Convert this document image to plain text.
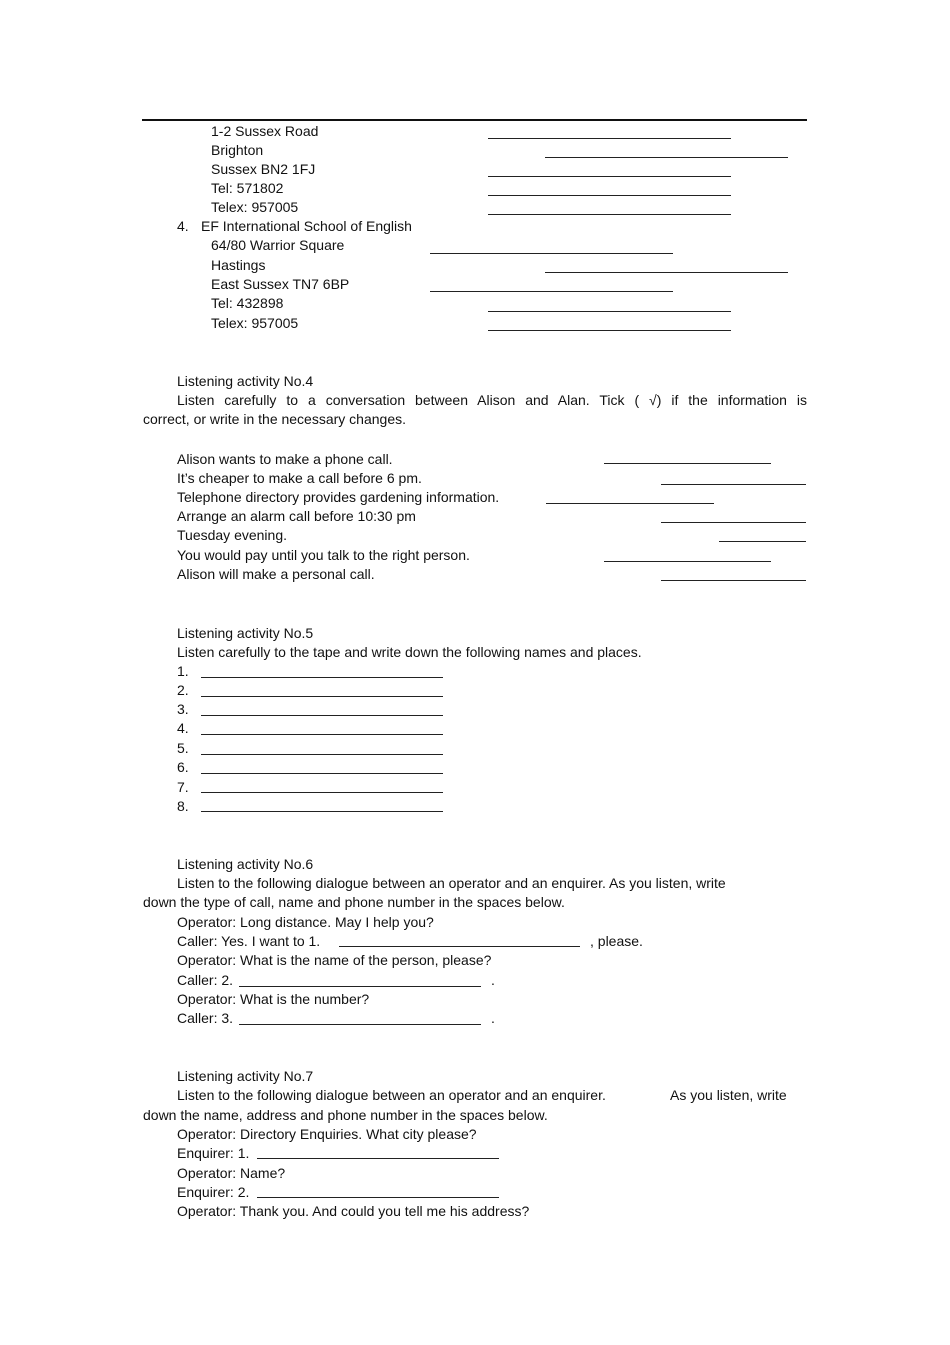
1-2 Sussex Road
Brighton
Sussex BN2 1FJ
Tel: 571802
Telex: 957005
4. EF International School of English
64/80 Warrior Square
Hastings
East Sussex TN7 6BP
Tel: 432898
Telex: 957005
Listening activity No.4
Listen carefully to a conversation between Alison and Alan. Tick ( √) if the information is
correct, or write in the necessary changes.
Alison wants to make a phone call.
It’s cheaper to make a call before 6 pm.
Telephone directory provides gardening information.
Arrange an alarm call before 10:30 pm
Tuesday evening.
You would pay until you talk to the right person.
Alison will make a personal call.
Listening activity No.5
Listen carefully to the tape and write down the following names and places.
1.
2.
3.
4.
5.
6.
7.
8.
Listening activity No.6
Listen to the following dialogue between an operator and an enquirer. As you listen, write
down the type of call, name and phone number in the spaces below.
Operator: Long distance. May I help you?
Caller: Yes. I want to 1.	, please.
Operator: What is the name of the person, please?
Caller: 2.	.
Operator: What is the number?
Caller: 3.	.
Listening activity No.7
Listen to the following dialogue between an operator and an enquirer.	As you listen, write
down the name, address and phone number in the spaces below.
Operator: Directory Enquiries. What city please?
Enquirer: 1.
Operator: Name?
Enquirer: 2.
Operator: Thank you. And could you tell me his address?
